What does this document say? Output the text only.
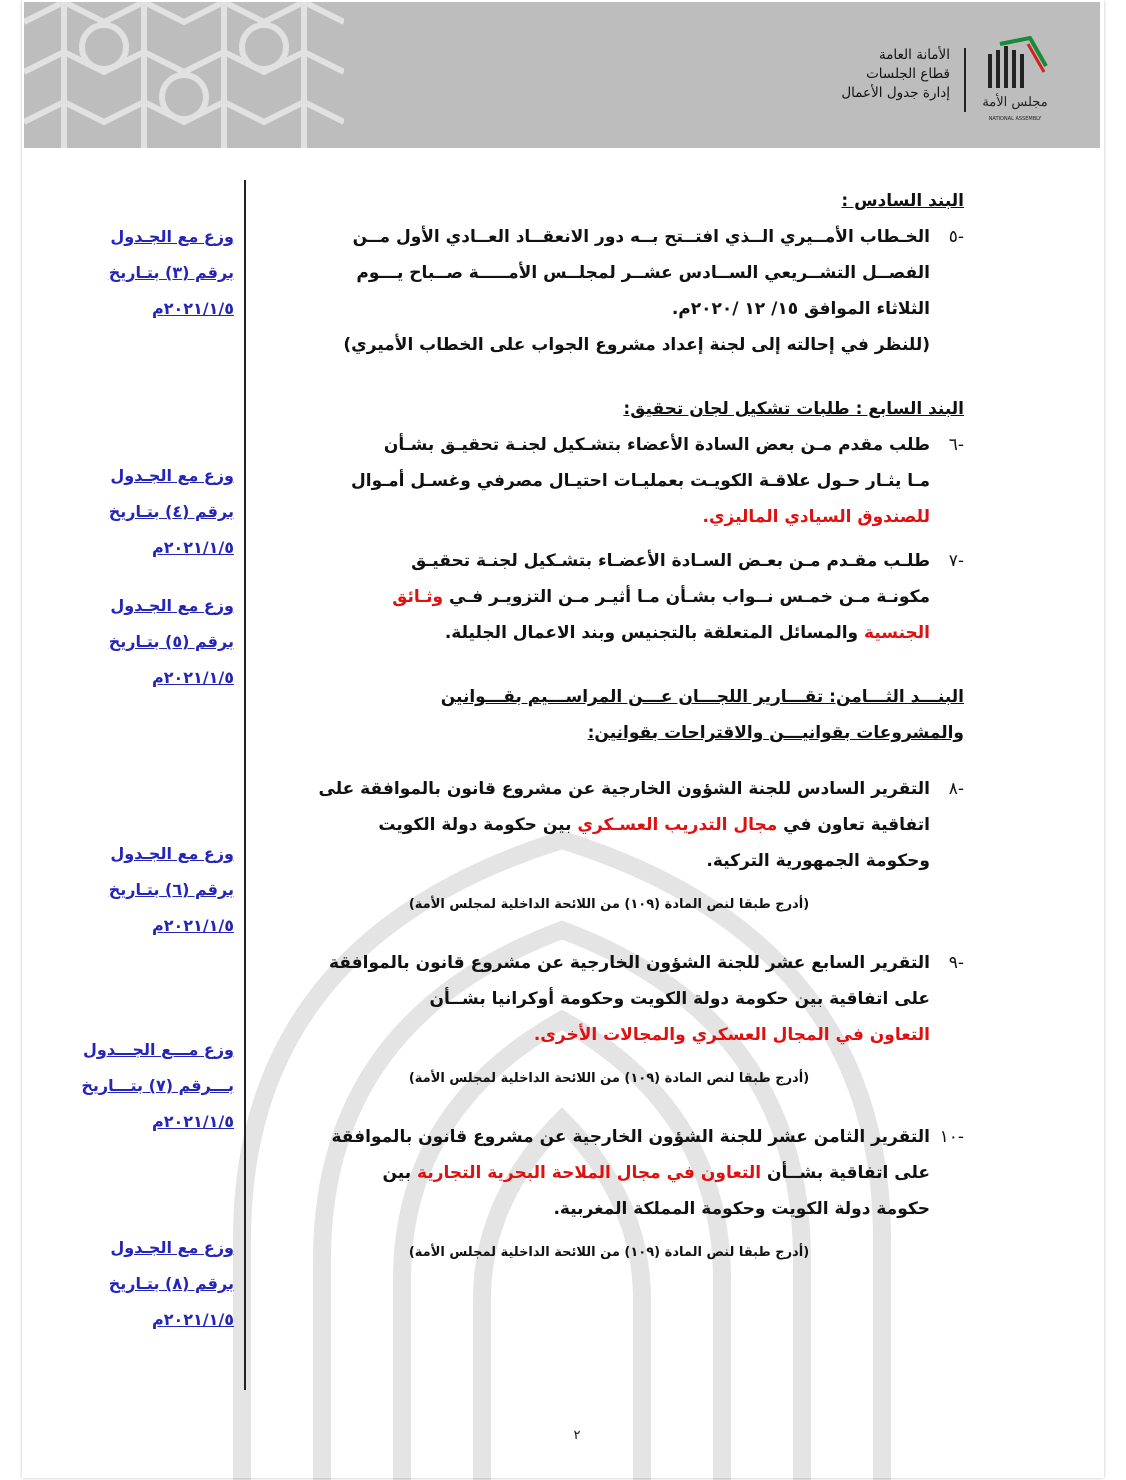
مجلس الأمة
NATIONAL ASSEMBLY
الأمانة العامة
قطاع الجلسات
إدارة جدول الأعمال
البند السادس :
-٥

الخـطاب الأمــيري الــذي افتــتح بــه دور الانعقــاد العــادي الأول مــن

الفصــل التشــريعي الســادس عشــر لمجلــس الأمـــــة صــباح يـــوم

الثلاثاء الموافق ١٥/ ١٢ /٢٠٢٠م.

(للنظر في إحالته إلى لجنة إعداد مشروع الجواب على الخطاب الأميري)

البند السابع : طلبات تشكيل لجان تحقيق:
-٦

طلب مقدم مـن بعض السادة الأعضاء بتشـكيل لجنـة تحقيـق بشـأن

مـا يثـار حـول علاقـة الكويـت بعمليـات احتيـال مصرفي وغسـل أمـوال

للصندوق السيادي الماليزي.

-٧

طلـب مقـدم مـن بعـض السـادة الأعضـاء بتشـكيل لجنـة تحقيـق

مكونـة مـن خمـس نــواب بشـأن مـا أثيـر مـن التزويـر فـي وثـائق

الجنسية والمسائل المتعلقة بالتجنيس وبند الاعمال الجليلة.

البنـــد الثـــامن: تقـــارير اللجـــان عـــن المراســـيم بقـــوانين
والمشروعات بقوانيـــن والاقتراحات بقوانين:
-٨

التقرير السادس للجنة الشؤون الخارجية عن مشروع قانون بالموافقة على

اتفاقية تعاون في مجال التدريب العسـكري بين حكومة دولة الكويت

وحكومة الجمهورية التركية.

(أدرج طبقا لنص المادة (١٠٩) من اللائحة الداخلية لمجلس الأمة)

-٩

التقرير السابع عشر للجنة الشؤون الخارجية عن مشروع قانون بالموافقة

على اتفاقية بين حكومة دولة الكويت وحكومة أوكرانيا بشــأن

التعاون في المجال العسكري والمجالات الأخرى.

(أدرج طبقا لنص المادة (١٠٩) من اللائحة الداخلية لمجلس الأمة)

-١٠

التقرير الثامن عشر للجنة الشؤون الخارجية عن مشروع قانون بالموافقة

على اتفاقية بشــأن التعاون في مجال الملاحة البحرية التجارية بين

حكومة دولة الكويت وحكومة المملكة المغربية.

(أدرج طبقا لنص المادة (١٠٩) من اللائحة الداخلية لمجلس الأمة)

وزع مع الجـدول
برقم (٣) بتـاريخ
٢٠٢١/١/٥م
وزع مع الجـدول
برقم (٤) بتـاريخ
٢٠٢١/١/٥م
وزع مع الجـدول
برقم (٥) بتـاريخ
٢٠٢١/١/٥م
وزع مع الجـدول
برقم (٦) بتـاريخ
٢٠٢١/١/٥م
وزع مـــع الجـــدول
بـــرقم (٧) بتـــاريخ
٢٠٢١/١/٥م
وزع مع الجـدول
برقم (٨) بتـاريخ
٢٠٢١/١/٥م
٢
